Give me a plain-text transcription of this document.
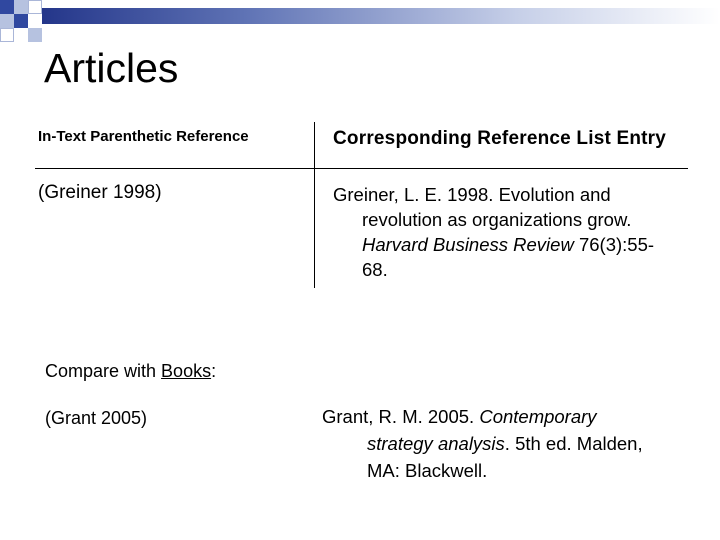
Articles
In-Text Parenthetic Reference	Corresponding Reference List Entry
(Greiner 1998)	Greiner, L. E. 1998. Evolution and
revolution as organizations grow.
Harvard Business Review 76(3):55-
68.
Compare with Books:
(Grant 2005)	Grant, R. M. 2005. Contemporary
strategy analysis. 5th ed. Malden,
MA: Blackwell.
